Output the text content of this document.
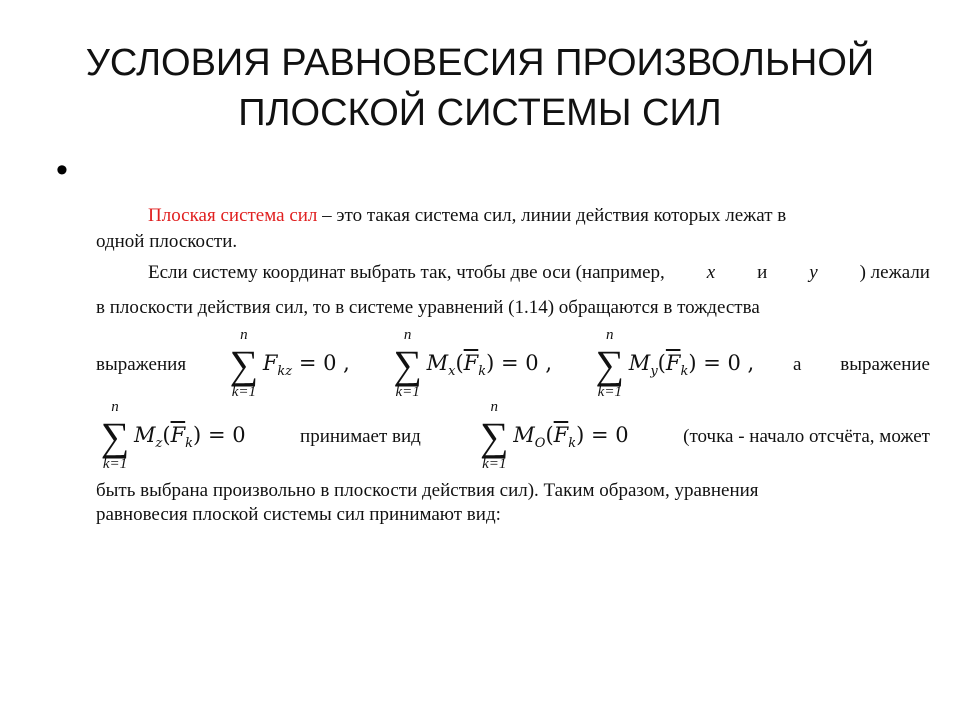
УСЛОВИЯ РАВНОВЕСИЯ ПРОИЗВОЛЬНОЙ
ПЛОСКОЙ СИСТЕМЫ СИЛ
•
Плоская система сил – это такая система сил, линии действия которых лежат в
одной плоскости.
Если систему координат выбрать так, чтобы две оси (например, x и y ) лежали
в плоскости действия сил, то в системе уравнений (1.14) обращаются в тождества
выражения
n
∑
k=1
$F_{kz} = 0$ ,
n
∑
k=1
$M_x(\overline{F}_k) = 0$ ,
n
∑
k=1
$M_y(\overline{F}_k) = 0$ , а выражение
n
∑
k=1
$M_z(\overline{F}_k) = 0$	принимает вид
n
∑
k=1
$M_O(\overline{F}_k) = 0$	(точка - начало отсчёта, может
быть выбрана произвольно в плоскости действия сил). Таким образом, уравнения
равновесия плоской системы сил принимают вид:
